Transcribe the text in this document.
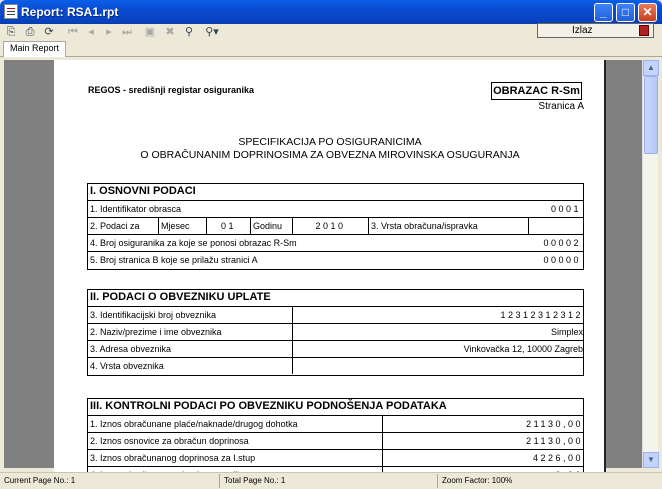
Report: RSA1.rpt	_	□	✕
⎘ ⎙ ⟳ ⏮ ◂	▸ ⏭ ▣ ✖ ⚲ ⚲▾	Izlaz
Main Report
REGOS - središnji registar osiguranika	OBRAZAC R-Sm
Stranica A
SPECIFIKACIJA PO OSIGURANICIMA
O OBRAČUNANIM DOPRINOSIMA ZA OBVEZNA MIROVINSKA OSUGURANJA
I. OSNOVNI PODACI
1. Identifikator obrasca	0001
2. Podaci za	Mjesec	01	Godinu	2010	3. Vrsta obračuna/ispravka
4. Broj osiguranika za koje se ponosi obrazac R-Sm	00002
5. Broj stranica B koje se prilažu stranici A	00000
II. PODACI O OBVEZNIKU UPLATE
3. Identifikacijski broj obveznika	12312312312
2. Naziv/prezime i ime obveznika	Simplex
3. Adresa obveznika	Vinkovačka 12, 10000 Zagreb
4. Vrsta obveznika
III. KONTROLNI PODACI PO OBVEZNIKU PODNOŠENJA PODATAKA
1. Iznos obračunane plaće/naknade/drugog dohotka	21130,00
2. Iznos osnovice za obračun doprinosa	21130,00
3. Iznos obračunanog doprinosa za I.stup	4226,00
▲
▼
Current Page No.: 1	Total Page No.: 1	Zoom Factor: 100%
